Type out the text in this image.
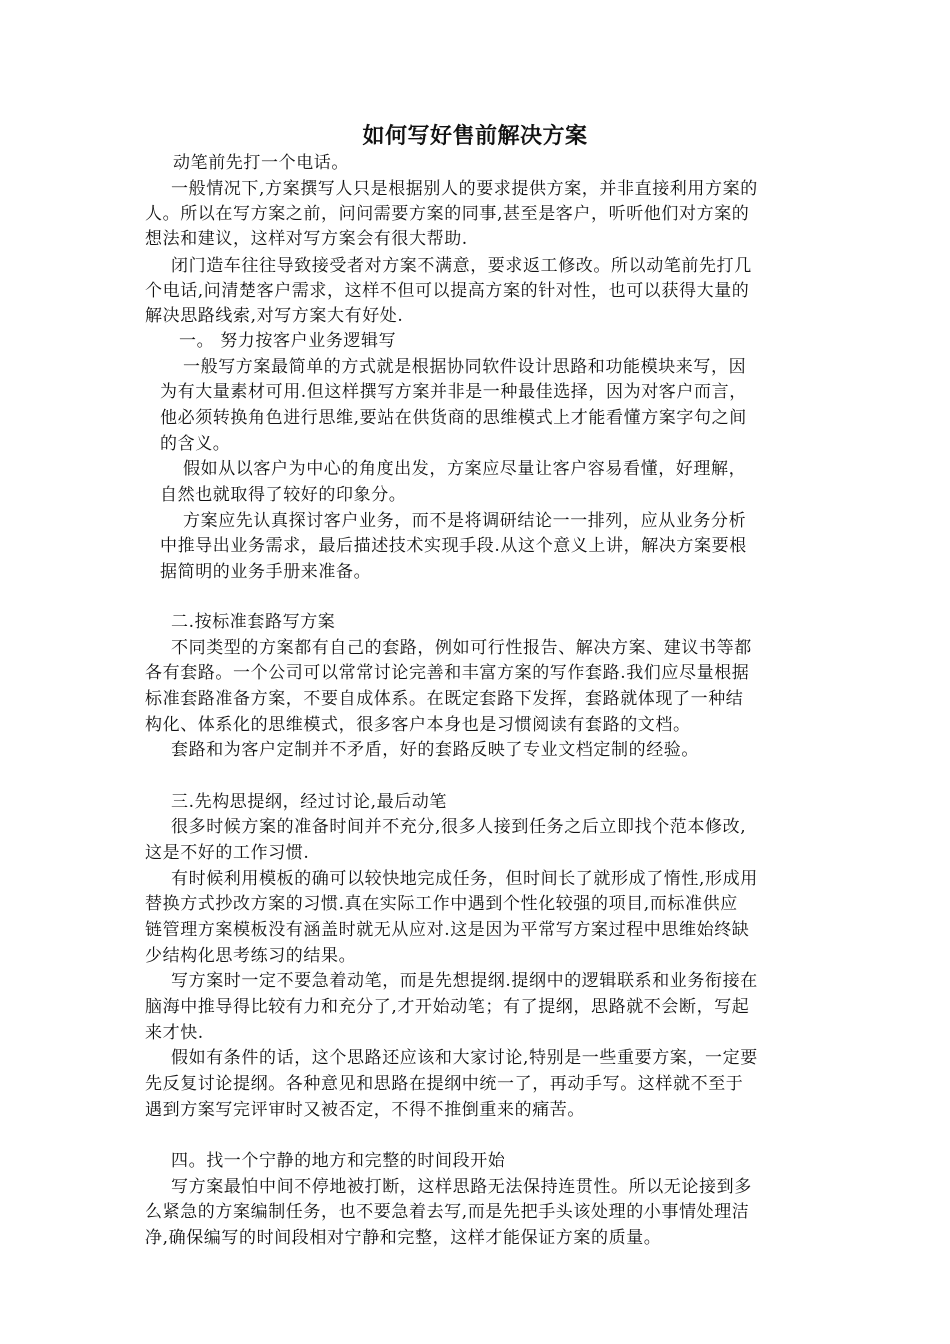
如何写好售前解决方案

动笔前先打一个电话。

一般情况下,方案撰写人只是根据别人的要求提供方案，并非直接利用方案的

人。所以在写方案之前，问问需要方案的同事,甚至是客户，听听他们对方案的

想法和建议，这样对写方案会有很大帮助.

闭门造车往往导致接受者对方案不满意，要求返工修改。所以动笔前先打几

个电话,问清楚客户需求，这样不但可以提高方案的针对性，也可以获得大量的

解决思路线索,对写方案大有好处.

一。 努力按客户业务逻辑写

一般写方案最简单的方式就是根据协同软件设计思路和功能模块来写，因

为有大量素材可用.但这样撰写方案并非是一种最佳选择，因为对客户而言，

他必须转换角色进行思维,要站在供货商的思维模式上才能看懂方案字句之间

的含义。

假如从以客户为中心的角度出发，方案应尽量让客户容易看懂，好理解，

自然也就取得了较好的印象分。

方案应先认真探讨客户业务，而不是将调研结论一一排列，应从业务分析

中推导出业务需求，最后描述技术实现手段.从这个意义上讲，解决方案要根

据简明的业务手册来准备。

二.按标准套路写方案

不同类型的方案都有自己的套路，例如可行性报告、解决方案、建议书等都

各有套路。一个公司可以常常讨论完善和丰富方案的写作套路.我们应尽量根据

标准套路准备方案，不要自成体系。在既定套路下发挥，套路就体现了一种结

构化、体系化的思维模式，很多客户本身也是习惯阅读有套路的文档。

套路和为客户定制并不矛盾，好的套路反映了专业文档定制的经验。

三.先构思提纲，经过讨论,最后动笔

很多时候方案的准备时间并不充分,很多人接到任务之后立即找个范本修改,

这是不好的工作习惯.

有时候利用模板的确可以较快地完成任务，但时间长了就形成了惰性,形成用

替换方式抄改方案的习惯.真在实际工作中遇到个性化较强的项目,而标准供应

链管理方案模板没有涵盖时就无从应对.这是因为平常写方案过程中思维始终缺

少结构化思考练习的结果。

写方案时一定不要急着动笔，而是先想提纲.提纲中的逻辑联系和业务衔接在

脑海中推导得比较有力和充分了,才开始动笔；有了提纲，思路就不会断，写起

来才快.

假如有条件的话，这个思路还应该和大家讨论,特别是一些重要方案，一定要

先反复讨论提纲。各种意见和思路在提纲中统一了，再动手写。这样就不至于

遇到方案写完评审时又被否定，不得不推倒重来的痛苦。

四。找一个宁静的地方和完整的时间段开始

写方案最怕中间不停地被打断，这样思路无法保持连贯性。所以无论接到多

么紧急的方案编制任务，也不要急着去写,而是先把手头该处理的小事情处理洁

净,确保编写的时间段相对宁静和完整，这样才能保证方案的质量。
